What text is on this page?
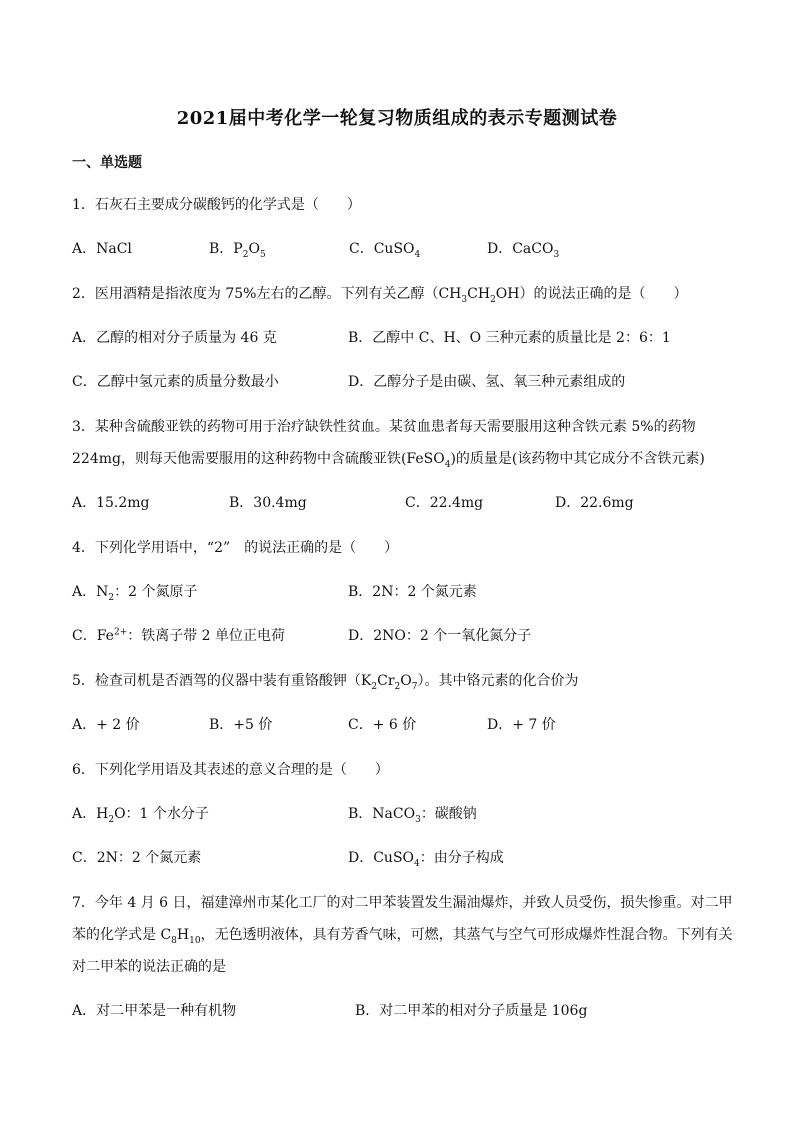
2021届中考化学一轮复习物质组成的表示专题测试卷
一、单选题
1．石灰石主要成分碳酸钙的化学式是（　　）
A．NaCl	B．$P_2O_5$	C．CuSO$_4$	D．CaCO$_3$
2．医用酒精是指浓度为 75%左右的乙醇。下列有关乙醇$(CH_3CH_2OH)$的说法正确的是（　　）
A．乙醇的相对分子质量为 46 克	B．乙醇中 C、H、O 三种元素的质量比是 2：6：1
C．乙醇中氢元素的质量分数最小	D．乙醇分子是由碳、氢、氧三种元素组成的
3．某种含硫酸亚铁的药物可用于治疗缺铁性贫血。某贫血患者每天需要服用这种含铁元素 5%的药物
224mg，则每天他需要服用的这种药物中含硫酸亚铁(FeSO$_4$)的质量是(该药物中其它成分不含铁元素)
A．15.2mg	B．30.4mg	C．22.4mg	D．22.6mg
4．下列化学用语中，“2”　的说法正确的是（　　）
A．$N_2$：2 个氮原子	B．2N：2 个氮元素
C．$Fe^{2+}$：铁离子带 2 单位正电荷	D．2NO：2 个一氧化氮分子
5．检查司机是否酒驾的仪器中装有重铬酸钾$(K_2Cr_2O_7)$。其中铬元素的化合价为
A．+ 2 价	B．+5 价	C．+ 6 价	D．+ 7 价
6．下列化学用语及其表述的意义合理的是（　　）
A．$H_2O$：1 个水分子	B．NaCO$_3$：碳酸钠
C．2N：2 个氮元素	D．CuSO$_4$：由分子构成
7．今年 4 月 6 日，福建漳州市某化工厂的对二甲苯装置发生漏油爆炸，并致人员受伤，损失惨重。对二甲
苯的化学式是 $C_8H_{10}$，无色透明液体，具有芳香气味，可燃，其蒸气与空气可形成爆炸性混合物。下列有关
对二甲苯的说法正确的是
A．对二甲苯是一种有机物	B．对二甲苯的相对分子质量是 106g
